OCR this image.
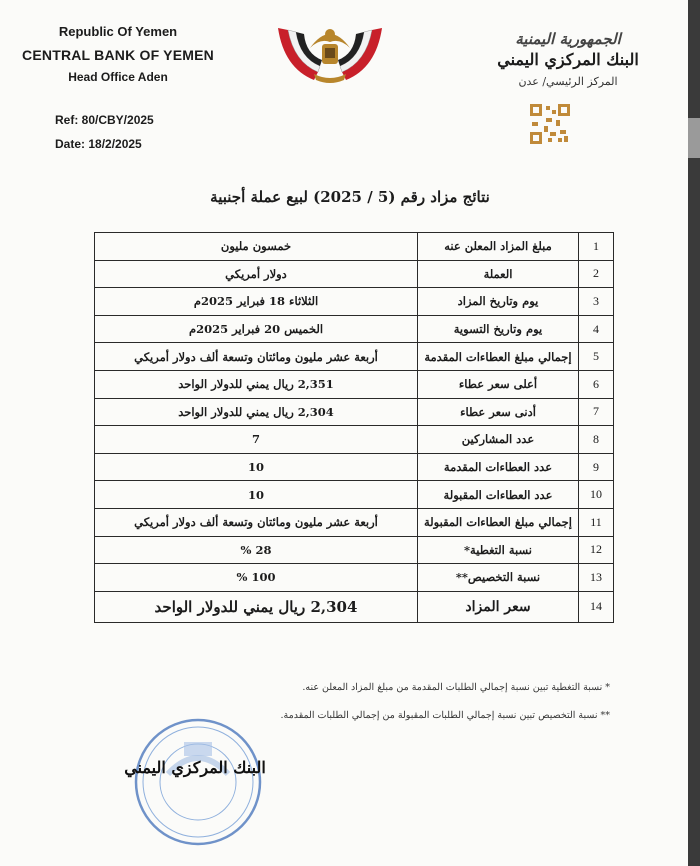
Republic Of Yemen
CENTRAL BANK OF YEMEN
Head Office Aden
Ref: 80/CBY/2025
Date: 18/2/2025
الجمهورية اليمنية
البنك المركزي اليمني
المركز الرئيسي/ عدن
نتائج مزاد رقم (5 / 2025) لبيع عملة أجنبية
1	مبلغ المزاد المعلن عنه	خمسون مليون
2	العملة	دولار أمريكي
3	يوم وتاريخ المزاد	الثلاثاء 18 فبراير 2025م
4	يوم وتاريخ التسوية	الخميس 20 فبراير 2025م
5	إجمالي مبلغ العطاءات المقدمة	أربعة عشر مليون ومائتان وتسعة ألف دولار أمريكي
6	أعلى سعر عطاء	2,351 ريال يمني للدولار الواحد
7	أدنى سعر عطاء	2,304 ريال يمني للدولار الواحد
8	عدد المشاركين	7
9	عدد العطاءات المقدمة	10
10	عدد العطاءات المقبولة	10
11	إجمالي مبلغ العطاءات المقبولة	أربعة عشر مليون ومائتان وتسعة ألف دولار أمريكي
12	نسبة التغطية*	28 %
13	نسبة التخصيص**	100 %
14	سعر المزاد	2,304 ريال يمني للدولار الواحد
* نسبة التغطية تبين نسبة إجمالي الطلبات المقدمة من مبلغ المزاد المعلن عنه.
** نسبة التخصيص تبين نسبة إجمالي الطلبات المقبولة من إجمالي الطلبات المقدمة.
البنك المركزي اليمني
